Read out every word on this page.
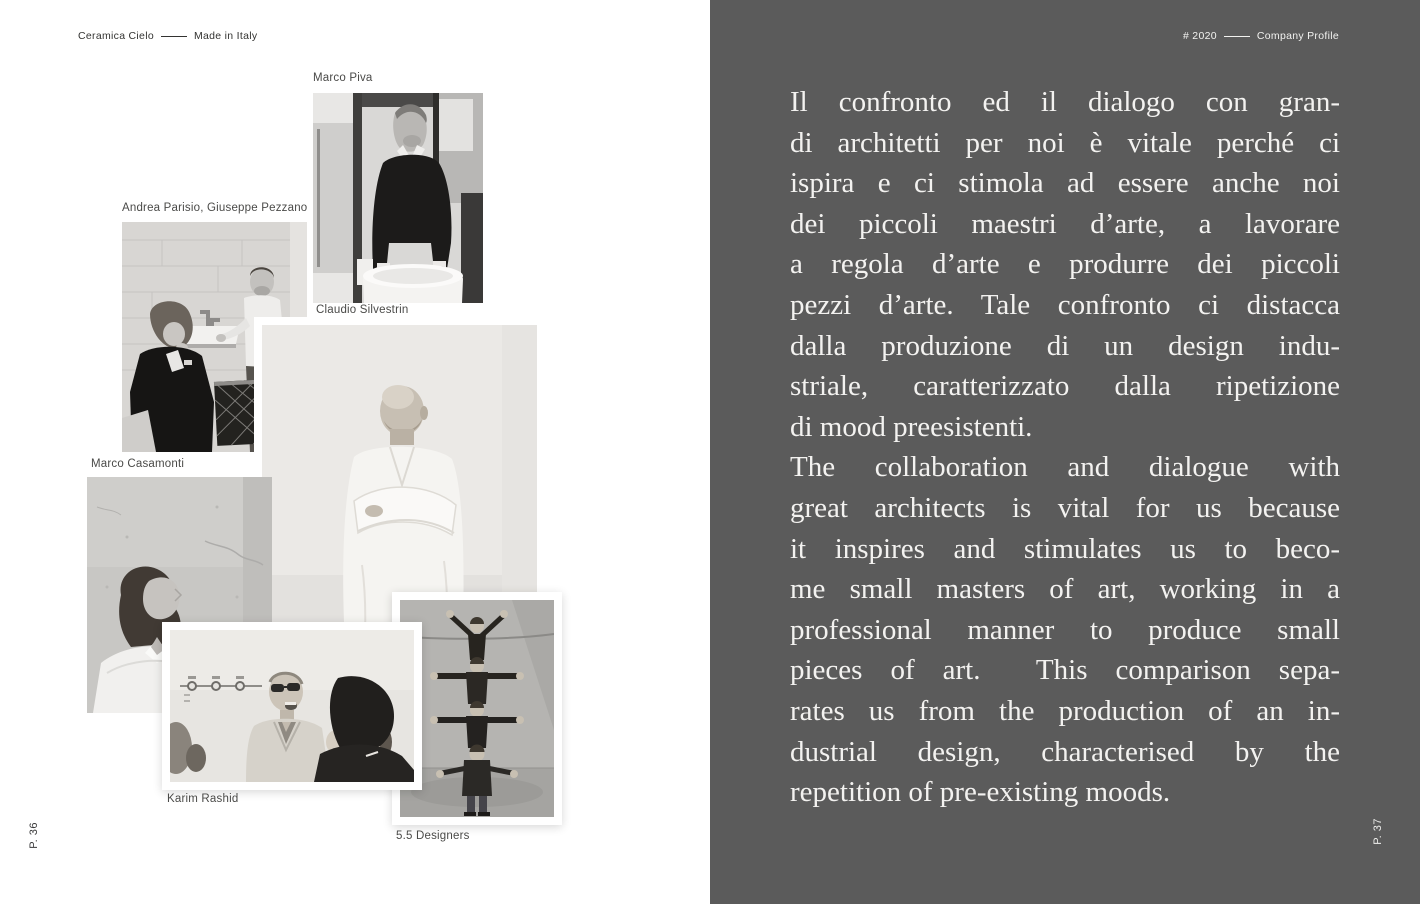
Ceramica Cielo	Made in Italy
Marco Piva
Andrea Parisio, Giuseppe Pezzano
Claudio Silvestrin
Marco Casamonti
5.5 Designers
Karim Rashid
P. 36
# 2020	Company Profile
Il confronto ed il dialogo con gran-
di architetti per noi è vitale perché ci
ispira e ci stimola ad essere anche noi
dei piccoli maestri d’arte, a lavorare
a regola d’arte e produrre dei piccoli
pezzi d’arte. Tale confronto ci distacca
dalla produzione di un design indu-
striale, caratterizzato dalla ripetizione
di mood preesistenti.
The collaboration and dialogue with
great architects is vital for us because
it inspires and stimulates us to beco-
me small masters of art, working in a
professional manner to produce small
pieces of art.  This comparison sepa-
rates us from the production of an in-
dustrial design, characterised by the
repetition of pre-existing moods.
P. 37
